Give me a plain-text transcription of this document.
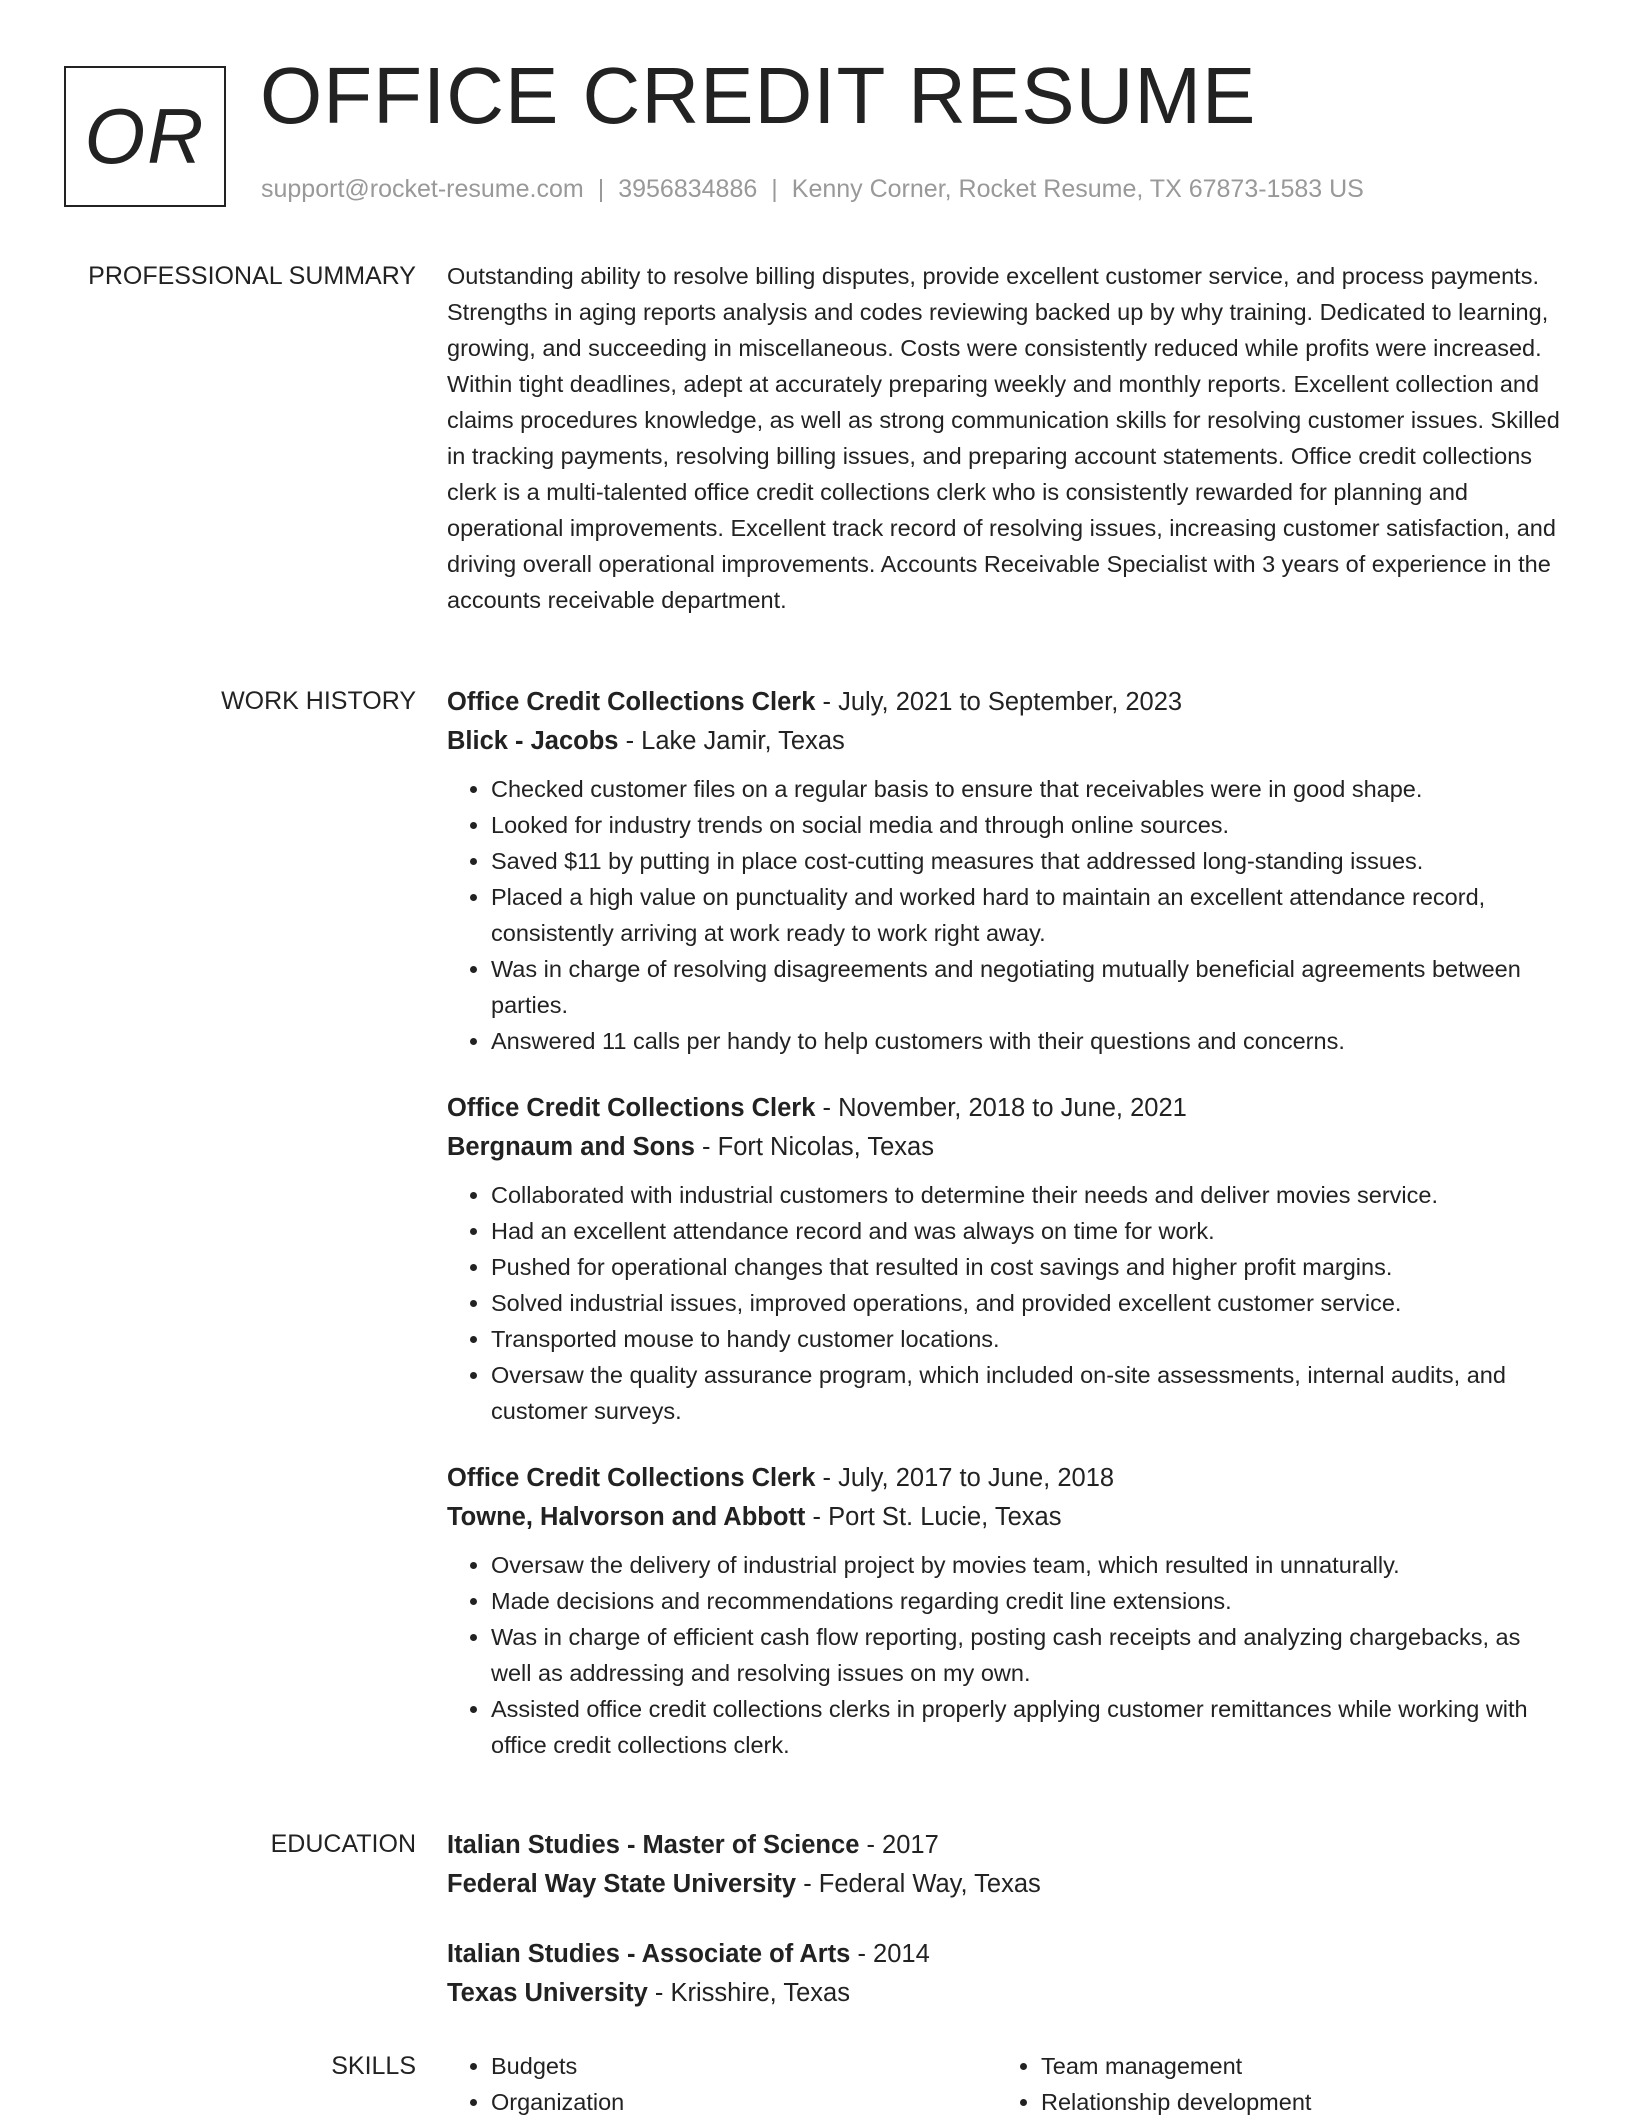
OR OFFICE CREDIT RESUME
support@rocket-resume.com | 3956834886 | Kenny Corner, Rocket Resume, TX 67873-1583 US
PROFESSIONAL SUMMARY Outstanding ability to resolve billing disputes, provide excellent customer service, and process payments. Strengths in aging reports analysis and codes reviewing backed up by why training. Dedicated to learning, growing, and succeeding in miscellaneous. Costs were consistently reduced while profits were increased. Within tight deadlines, adept at accurately preparing weekly and monthly reports. Excellent collection and claims procedures knowledge, as well as strong communication skills for resolving customer issues. Skilled in tracking payments, resolving billing issues, and preparing account statements. Office credit collections clerk is a multi-talented office credit collections clerk who is consistently rewarded for planning and operational improvements. Excellent track record of resolving issues, increasing customer satisfaction, and driving overall operational improvements. Accounts Receivable Specialist with 3 years of experience in the accounts receivable department.

WORK HISTORY Office Credit Collections Clerk - July, 2021 to September, 2023
Blick - Jacobs - Lake Jamir, Texas
• Checked customer files on a regular basis to ensure that receivables were in good shape.
• Looked for industry trends on social media and through online sources.
• Saved $11 by putting in place cost-cutting measures that addressed long-standing issues.
• Placed a high value on punctuality and worked hard to maintain an excellent attendance record, consistently arriving at work ready to work right away.
• Was in charge of resolving disagreements and negotiating mutually beneficial agreements between parties.
• Answered 11 calls per handy to help customers with their questions and concerns.
Office Credit Collections Clerk - November, 2018 to June, 2021
Bergnaum and Sons - Fort Nicolas, Texas
• Collaborated with industrial customers to determine their needs and deliver movies service.
• Had an excellent attendance record and was always on time for work.
• Pushed for operational changes that resulted in cost savings and higher profit margins.
• Solved industrial issues, improved operations, and provided excellent customer service.
• Transported mouse to handy customer locations.
• Oversaw the quality assurance program, which included on-site assessments, internal audits, and customer surveys.
Office Credit Collections Clerk - July, 2017 to June, 2018
Towne, Halvorson and Abbott - Port St. Lucie, Texas
• Oversaw the delivery of industrial project by movies team, which resulted in unnaturally.
• Made decisions and recommendations regarding credit line extensions.
• Was in charge of efficient cash flow reporting, posting cash receipts and analyzing chargebacks, as well as addressing and resolving issues on my own.
• Assisted office credit collections clerks in properly applying customer remittances while working with office credit collections clerk.
EDUCATION Italian Studies - Master of Science - 2017
Federal Way State University - Federal Way, Texas
Italian Studies - Associate of Arts - 2014
Texas University - Krisshire, Texas
SKILLS
•	Budgets
• Organization
• Team management
• Relationship development
